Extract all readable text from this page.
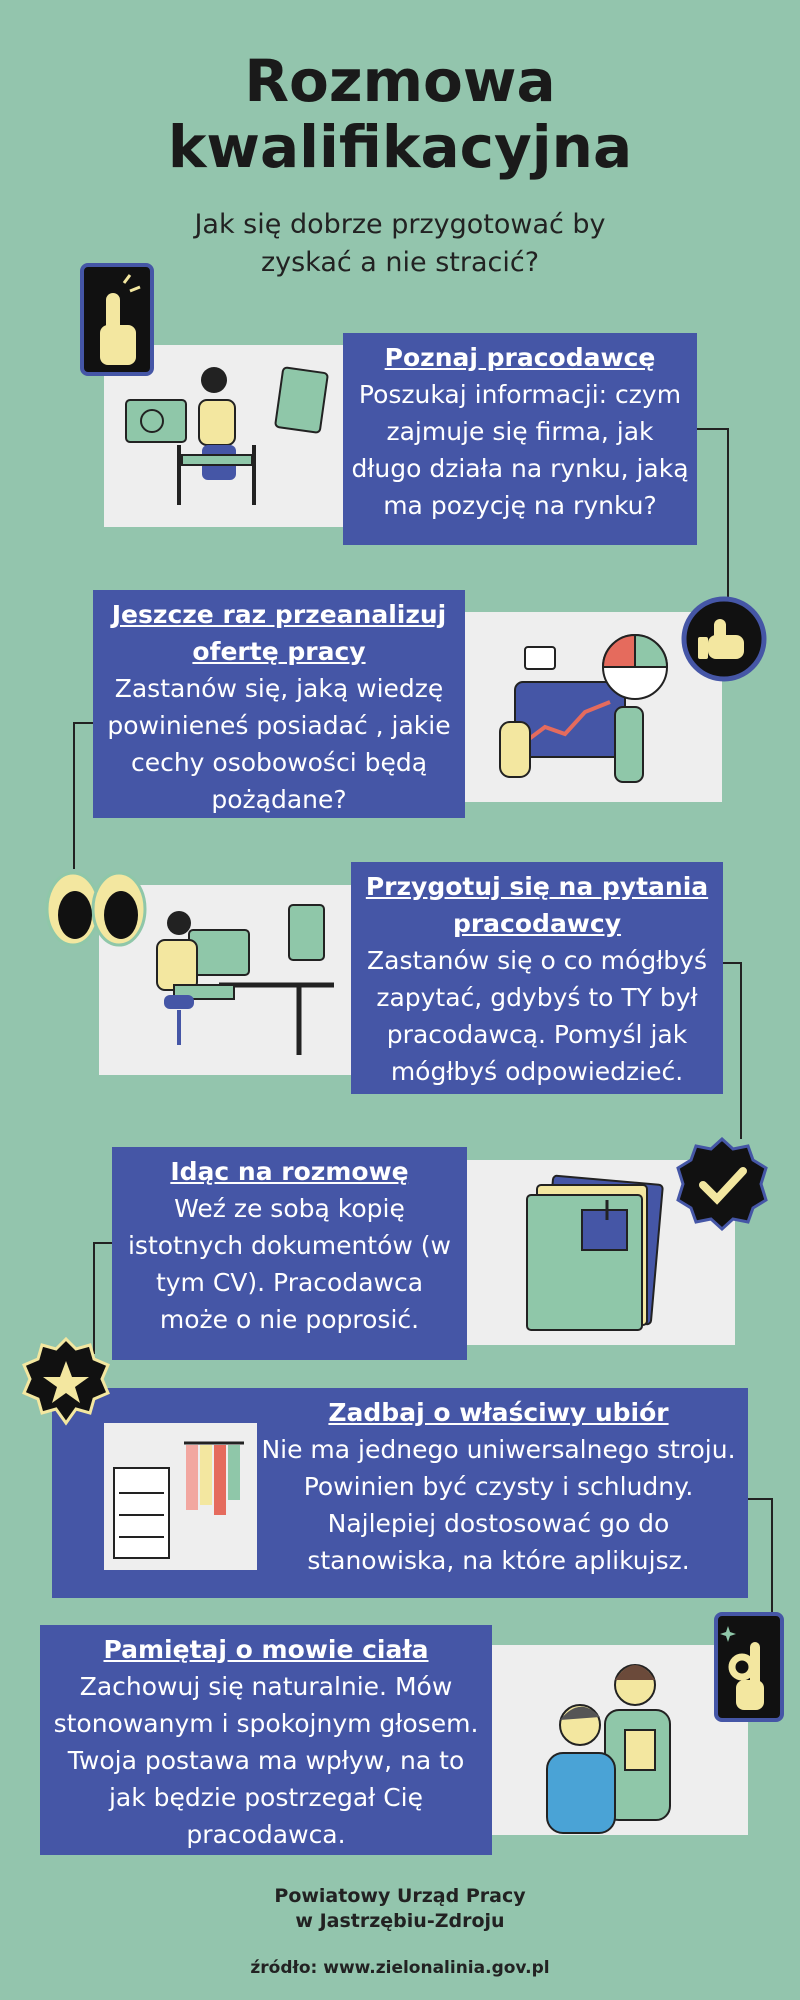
Rozmowa
kwalifikacyjna
Jak się dobrze przygotować by
zyskać a nie stracić?
Poznaj pracodawcę
Poszukaj informacji: czym zajmuje się firma, jak długo działa na rynku, jaką ma pozycję na rynku?
Jeszcze raz przeanalizuj ofertę pracy
Zastanów się, jaką wiedzę powinieneś posiadać , jakie cechy osobowości będą pożądane?
Przygotuj się na pytania pracodawcy
Zastanów się o co mógłbyś zapytać, gdybyś to TY był pracodawcą. Pomyśl jak mógłbyś odpowiedzieć.
Idąc na rozmowę
Weź ze sobą kopię istotnych dokumentów (w tym CV). Pracodawca może o nie poprosić.
Zadbaj o właściwy ubiór
Nie ma jednego uniwersalnego stroju. Powinien być czysty i schludny. Najlepiej dostosować go do stanowiska, na które aplikujsz.
Pamiętaj o mowie ciała
Zachowuj się naturalnie. Mów stonowanym i spokojnym głosem. Twoja postawa ma wpływ, na to jak będzie postrzegał Cię pracodawca.
Powiatowy Urząd Pracy
w Jastrzębiu-Zdroju
źródło: www.zielonalinia.gov.pl
